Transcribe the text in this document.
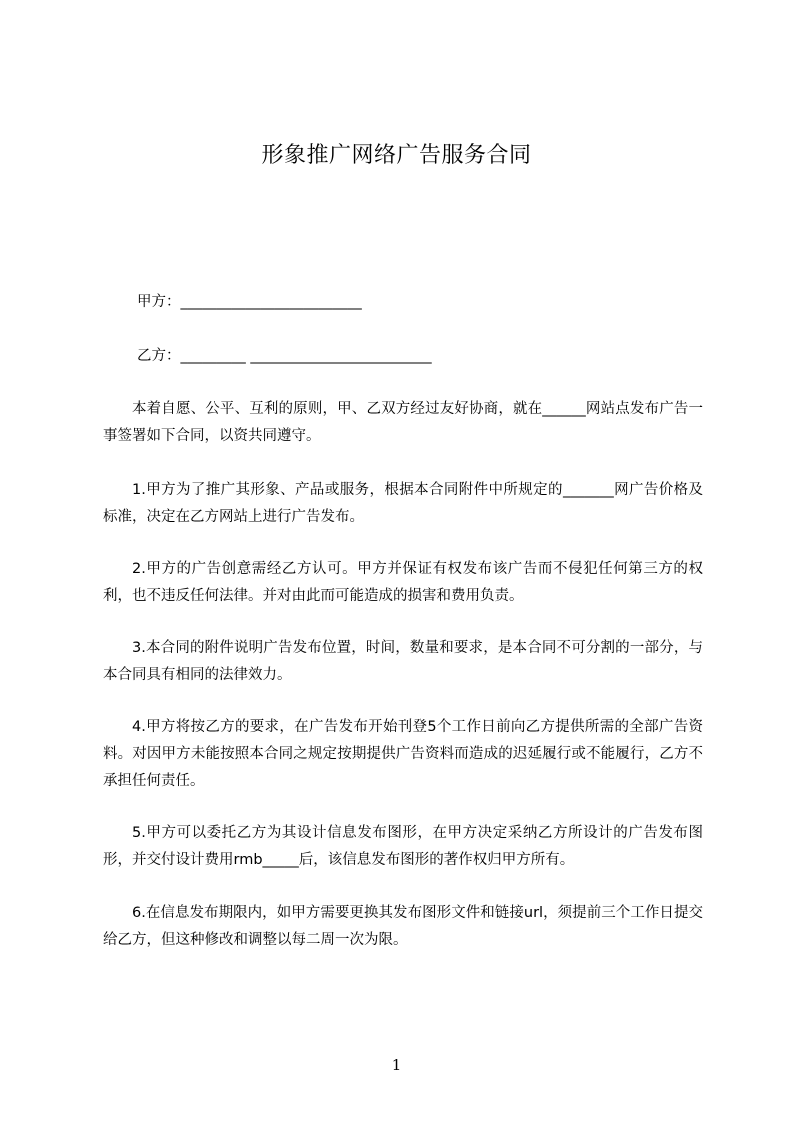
形象推广网络广告服务合同
甲方：_________________________
乙方：_________ _________________________
本着自愿、公平、互利的原则，甲、乙双方经过友好协商，就在______网站点发布广告一事签署如下合同，以资共同遵守。
1.甲方为了推广其形象、产品或服务，根据本合同附件中所规定的_______网广告价格及标准，决定在乙方网站上进行广告发布。
2.甲方的广告创意需经乙方认可。甲方并保证有权发布该广告而不侵犯任何第三方的权利，也不违反任何法律。并对由此而可能造成的损害和费用负责。
3.本合同的附件说明广告发布位置，时间，数量和要求，是本合同不可分割的一部分，与本合同具有相同的法律效力。
4.甲方将按乙方的要求，在广告发布开始刊登5个工作日前向乙方提供所需的全部广告资料。对因甲方未能按照本合同之规定按期提供广告资料而造成的迟延履行或不能履行，乙方不承担任何责任。
5.甲方可以委托乙方为其设计信息发布图形，在甲方决定采纳乙方所设计的广告发布图形，并交付设计费用rmb_____后，该信息发布图形的著作权归甲方所有。
6.在信息发布期限内，如甲方需要更换其发布图形文件和链接url，须提前三个工作日提交给乙方，但这种修改和调整以每二周一次为限。
1
